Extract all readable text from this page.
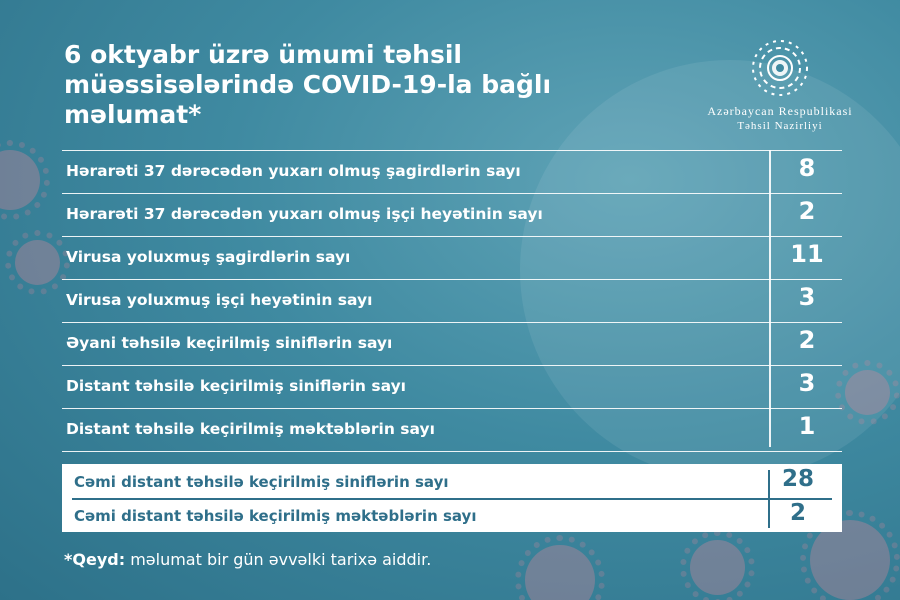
6 oktyabr üzrə ümumi təhsil müəssisələrində COVID-19-la bağlı məlumat*	Azərbaycan Respublikasi
Təhsil Nazirliyi
Hərarəti 37 dərəcədən yuxarı olmuş şagirdlərin sayı	8
Hərarəti 37 dərəcədən yuxarı olmuş işçi heyətinin sayı	2
Virusa yoluxmuş şagirdlərin sayı	11
Virusa yoluxmuş işçi heyətinin sayı	3
Əyani təhsilə keçirilmiş siniflərin sayı	2
Distant təhsilə keçirilmiş siniflərin sayı	3
Distant təhsilə keçirilmiş məktəblərin sayı	1
Cəmi distant təhsilə keçirilmiş siniflərin sayı	28
Cəmi distant təhsilə keçirilmiş məktəblərin sayı	2
*Qeyd: məlumat bir gün əvvəlki tarixə aiddir.
